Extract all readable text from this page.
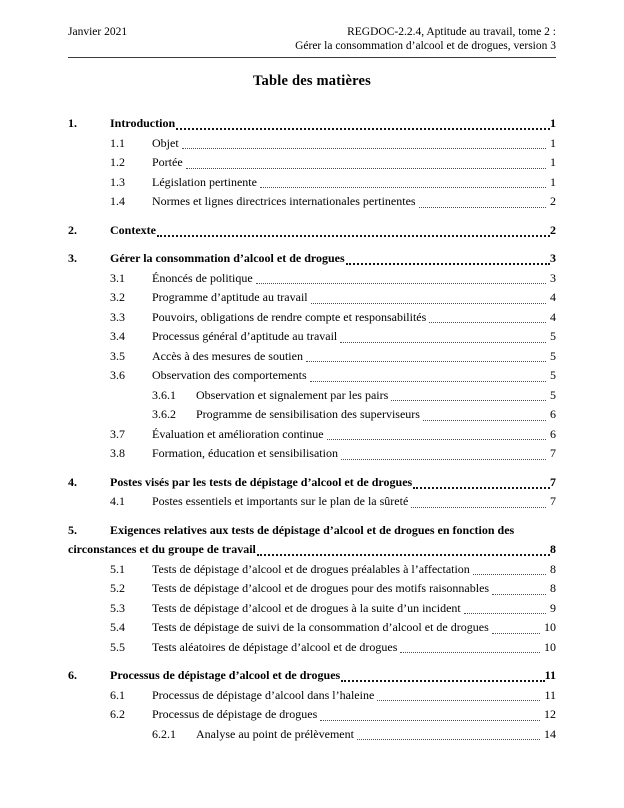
Janvier 2021	REGDOC-2.2.4, Aptitude au travail, tome 2 :
Gérer la consommation d’alcool et de drogues, version 3
Table des matières
1.	Introduction	1
1.1	Objet	1
1.2	Portée	1
1.3	Législation pertinente	1
1.4	Normes et lignes directrices internationales pertinentes	2
2.	Contexte	2
3.	Gérer la consommation d’alcool et de drogues	3
3.1	Énoncés de politique	3
3.2	Programme d’aptitude au travail	4
3.3	Pouvoirs, obligations de rendre compte et responsabilités	4
3.4	Processus général d’aptitude au travail	5
3.5	Accès à des mesures de soutien	5
3.6	Observation des comportements	5
3.6.1	Observation et signalement par les pairs	5
3.6.2	Programme de sensibilisation des superviseurs	6
3.7	Évaluation et amélioration continue	6
3.8	Formation, éducation et sensibilisation	7
4.	Postes visés par les tests de dépistage d’alcool et de drogues	7
4.1	Postes essentiels et importants sur le plan de la sûreté	7
5.	Exigences relatives aux tests de dépistage d’alcool et de drogues en fonction des
circonstances et du groupe de travail	8
5.1	Tests de dépistage d’alcool et de drogues préalables à l’affectation	8
5.2	Tests de dépistage d’alcool et de drogues pour des motifs raisonnables	8
5.3	Tests de dépistage d’alcool et de drogues à la suite d’un incident	9
5.4	Tests de dépistage de suivi de la consommation d’alcool et de drogues	10
5.5	Tests aléatoires de dépistage d’alcool et de drogues	10
6.	Processus de dépistage d’alcool et de drogues	11
6.1	Processus de dépistage d’alcool dans l’haleine	11
6.2	Processus de dépistage de drogues	12
6.2.1	Analyse au point de prélèvement	14
